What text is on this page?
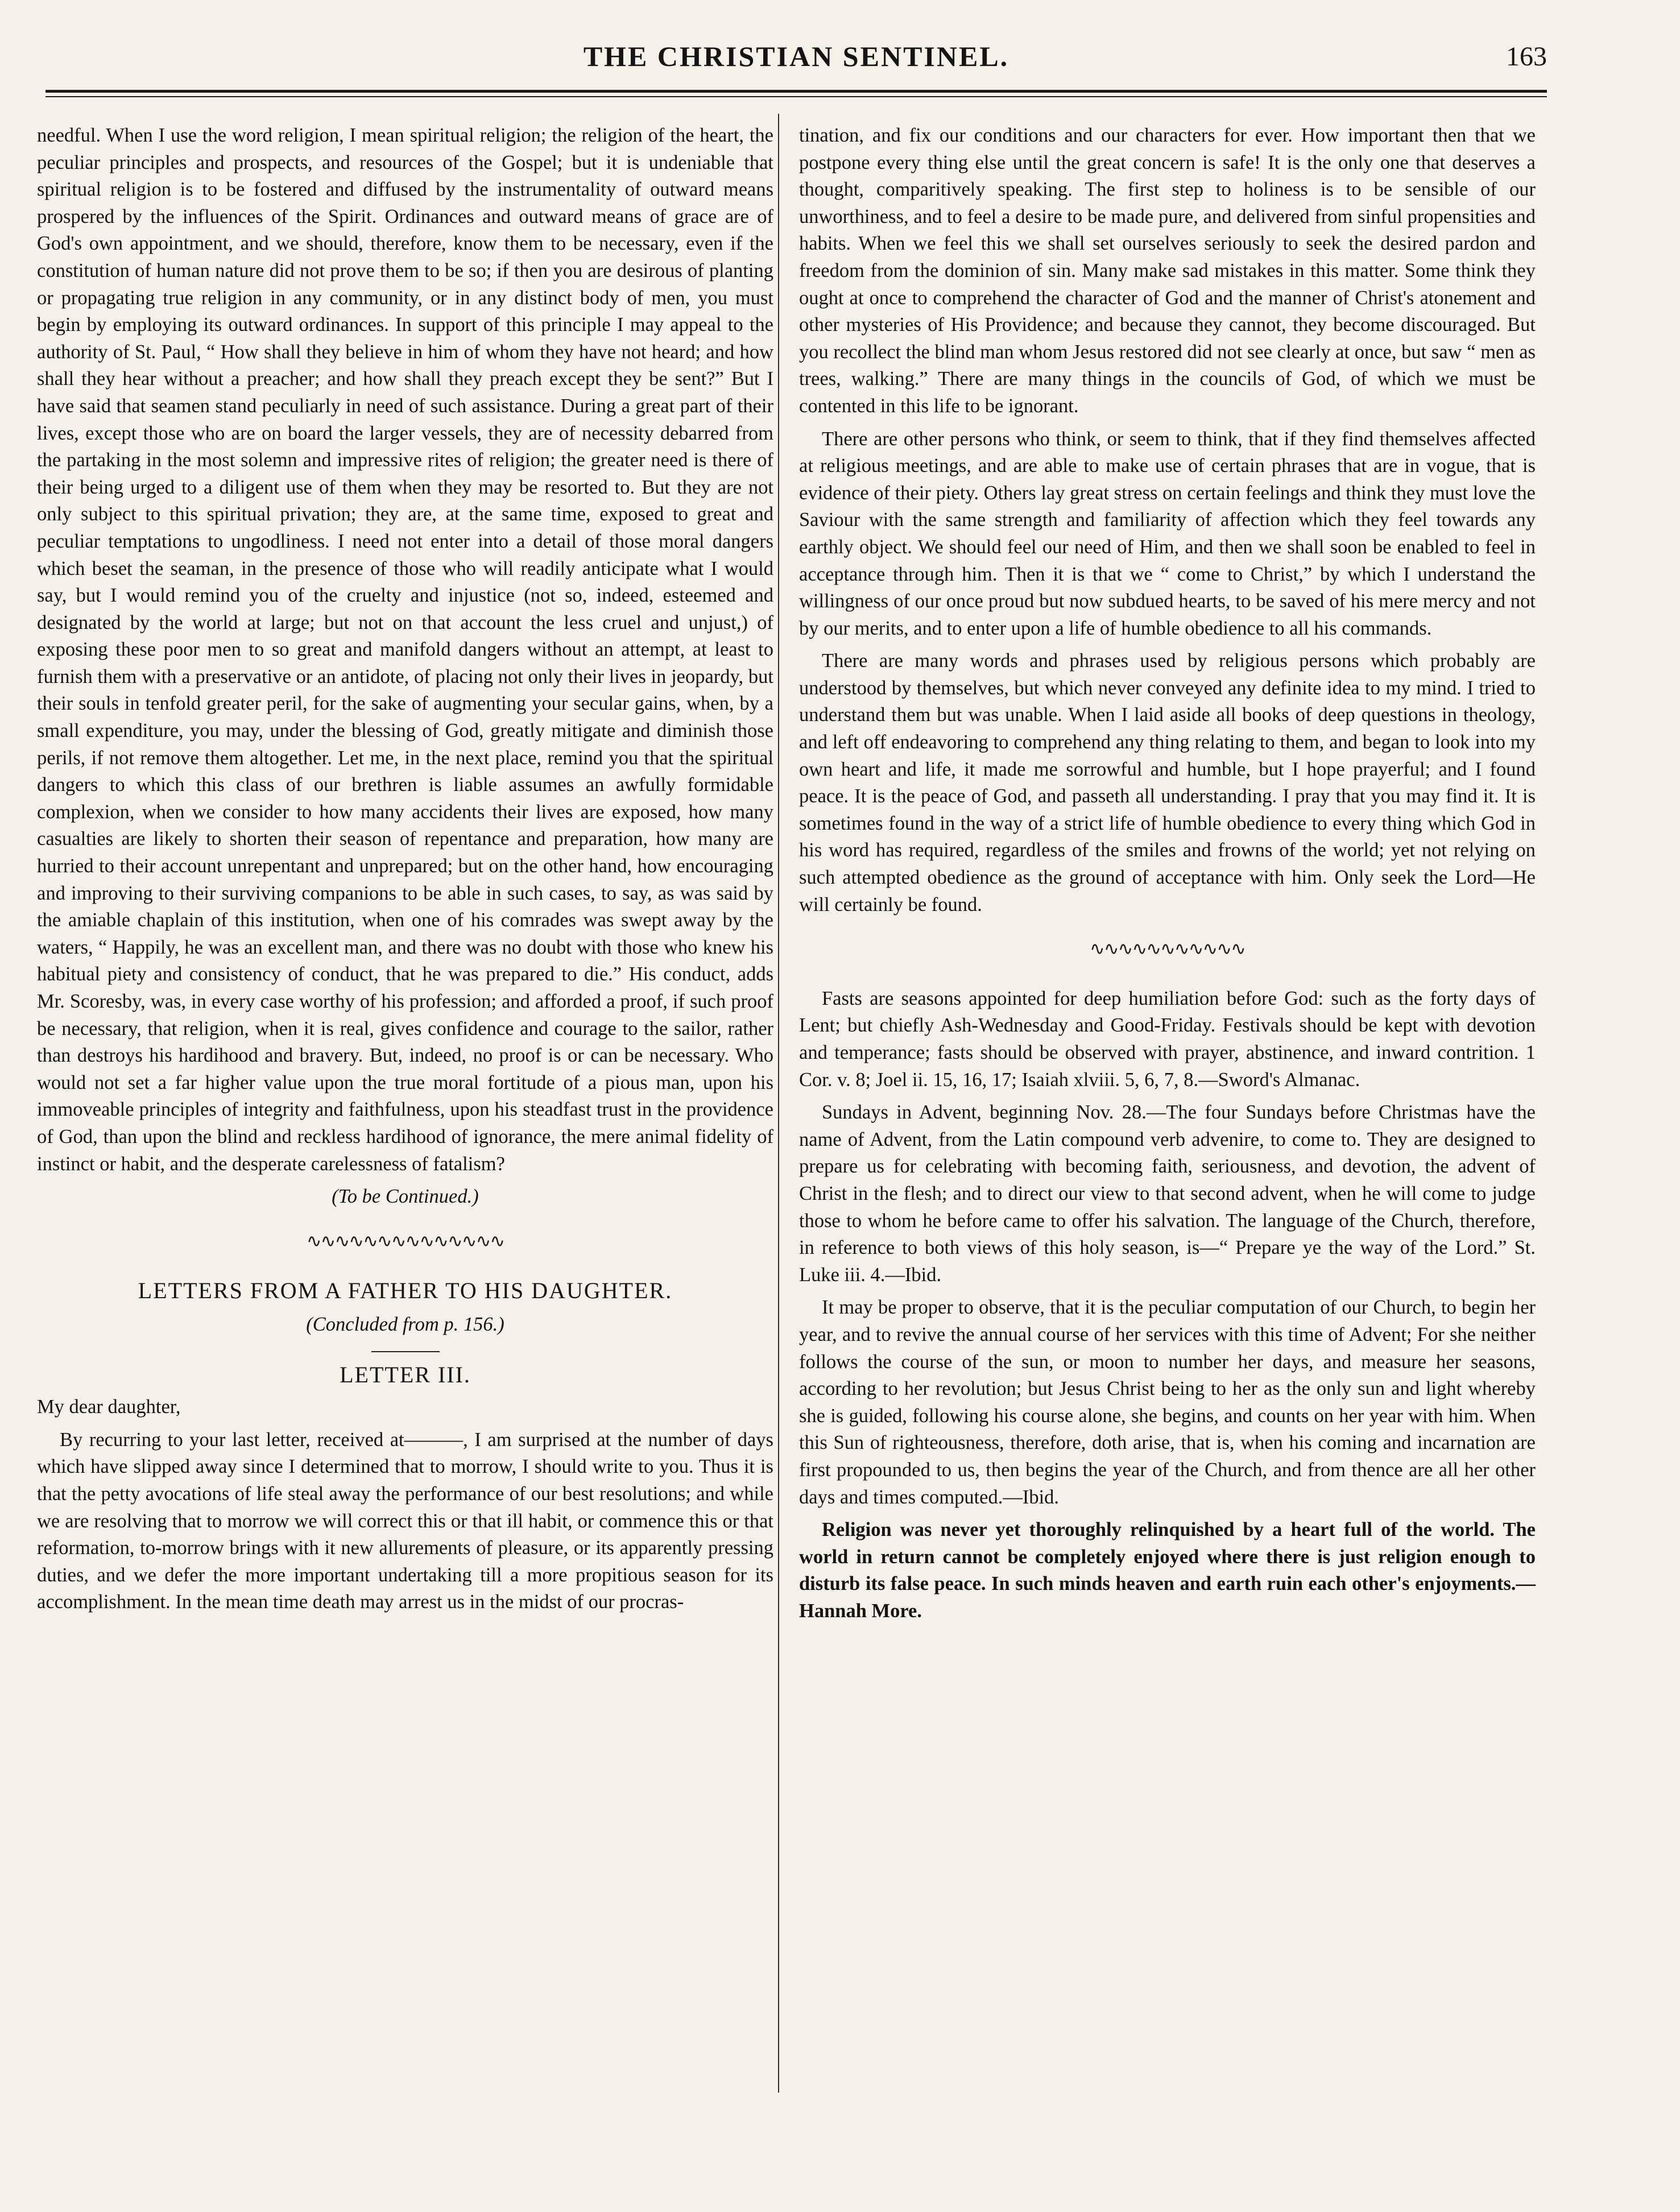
THE CHRISTIAN SENTINEL.	163

needful. When I use the word religion, I mean spiritual religion; the religion of the heart, the peculiar principles and prospects, and resources of the Gospel; but it is undeniable that spiritual religion is to be fostered and diffused by the instrumentality of outward means prospered by the influences of the Spirit. Ordinances and outward means of grace are of God's own appointment, and we should, therefore, know them to be necessary, even if the constitution of human nature did not prove them to be so; if then you are desirous of planting or propagating true religion in any community, or in any distinct body of men, you must begin by employing its outward ordinances. In support of this principle I may appeal to the authority of St. Paul, “ How shall they believe in him of whom they have not heard; and how shall they hear without a preacher; and how shall they preach except they be sent?” But I have said that seamen stand peculiarly in need of such assistance. During a great part of their lives, except those who are on board the larger vessels, they are of necessity debarred from the partaking in the most solemn and impressive rites of religion; the greater need is there of their being urged to a diligent use of them when they may be resorted to. But they are not only subject to this spiritual privation; they are, at the same time, exposed to great and peculiar temptations to ungodliness. I need not enter into a detail of those moral dangers which beset the seaman, in the presence of those who will readily anticipate what I would say, but I would remind you of the cruelty and injustice (not so, indeed, esteemed and designated by the world at large; but not on that account the less cruel and unjust,) of exposing these poor men to so great and manifold dangers without an attempt, at least to furnish them with a preservative or an antidote, of placing not only their lives in jeopardy, but their souls in tenfold greater peril, for the sake of augmenting your secular gains, when, by a small expenditure, you may, under the blessing of God, greatly mitigate and diminish those perils, if not remove them altogether. Let me, in the next place, remind you that the spiritual dangers to which this class of our brethren is liable assumes an awfully formidable complexion, when we consider to how many accidents their lives are exposed, how many casualties are likely to shorten their season of repentance and preparation, how many are hurried to their account unrepentant and unprepared; but on the other hand, how encouraging and improving to their surviving companions to be able in such cases, to say, as was said by the amiable chaplain of this institution, when one of his comrades was swept away by the waters, “ Happily, he was an excellent man, and there was no doubt with those who knew his habitual piety and consistency of conduct, that he was prepared to die.” His conduct, adds Mr. Scoresby, was, in every case worthy of his profession; and afforded a proof, if such proof be necessary, that religion, when it is real, gives confidence and courage to the sailor, rather than destroys his hardihood and bravery. But, indeed, no proof is or can be necessary. Who would not set a far higher value upon the true moral fortitude of a pious man, upon his immoveable principles of integrity and faithfulness, upon his steadfast trust in the providence of God, than upon the blind and reckless hardihood of ignorance, the mere animal fidelity of instinct or habit, and the desperate carelessness of fatalism?

(To be Continued.)

∿∿∿∿∿∿∿∿∿∿∿∿∿∿
LETTERS FROM A FATHER TO HIS DAUGHTER.
(Concluded from p. 156.)
LETTER III.

My dear daughter,

By recurring to your last letter, received at———, I am surprised at the number of days which have slipped away since I determined that to morrow, I should write to you. Thus it is that the petty avocations of life steal away the performance of our best resolutions; and while we are resolving that to morrow we will correct this or that ill habit, or commence this or that reformation, to-morrow brings with it new allurements of pleasure, or its apparently pressing duties, and we defer the more important undertaking till a more propitious season for its accomplishment. In the mean time death may arrest us in the midst of our procras-

tination, and fix our conditions and our characters for ever. How important then that we postpone every thing else until the great concern is safe! It is the only one that deserves a thought, comparitively speaking. The first step to holiness is to be sensible of our unworthiness, and to feel a desire to be made pure, and delivered from sinful propensities and habits. When we feel this we shall set ourselves seriously to seek the desired pardon and freedom from the dominion of sin. Many make sad mistakes in this matter. Some think they ought at once to comprehend the character of God and the manner of Christ's atonement and other mysteries of His Providence; and because they cannot, they become discouraged. But you recollect the blind man whom Jesus restored did not see clearly at once, but saw “ men as trees, walking.” There are many things in the councils of God, of which we must be contented in this life to be ignorant.

There are other persons who think, or seem to think, that if they find themselves affected at religious meetings, and are able to make use of certain phrases that are in vogue, that is evidence of their piety. Others lay great stress on certain feelings and think they must love the Saviour with the same strength and familiarity of affection which they feel towards any earthly object. We should feel our need of Him, and then we shall soon be enabled to feel in acceptance through him. Then it is that we “ come to Christ,” by which I understand the willingness of our once proud but now subdued hearts, to be saved of his mere mercy and not by our merits, and to enter upon a life of humble obedience to all his commands.

There are many words and phrases used by religious persons which probably are understood by themselves, but which never conveyed any definite idea to my mind. I tried to understand them but was unable. When I laid aside all books of deep questions in theology, and left off endeavoring to comprehend any thing relating to them, and began to look into my own heart and life, it made me sorrowful and humble, but I hope prayerful; and I found peace. It is the peace of God, and passeth all understanding. I pray that you may find it. It is sometimes found in the way of a strict life of humble obedience to every thing which God in his word has required, regardless of the smiles and frowns of the world; yet not relying on such attempted obedience as the ground of acceptance with him. Only seek the Lord—He will certainly be found.

∿∿∿∿∿∿∿∿∿∿∿

Fasts are seasons appointed for deep humiliation before God: such as the forty days of Lent; but chiefly Ash-Wednesday and Good-Friday. Festivals should be kept with devotion and temperance; fasts should be observed with prayer, abstinence, and inward contrition. 1 Cor. v. 8; Joel ii. 15, 16, 17; Isaiah xlviii. 5, 6, 7, 8.—Sword's Almanac.

Sundays in Advent, beginning Nov. 28.—The four Sundays before Christmas have the name of Advent, from the Latin compound verb advenire, to come to. They are designed to prepare us for celebrating with becoming faith, seriousness, and devotion, the advent of Christ in the flesh; and to direct our view to that second advent, when he will come to judge those to whom he before came to offer his salvation. The language of the Church, therefore, in reference to both views of this holy season, is—“ Prepare ye the way of the Lord.” St. Luke iii. 4.—Ibid.

It may be proper to observe, that it is the peculiar computation of our Church, to begin her year, and to revive the annual course of her services with this time of Advent; For she neither follows the course of the sun, or moon to number her days, and measure her seasons, according to her revolution; but Jesus Christ being to her as the only sun and light whereby she is guided, following his course alone, she begins, and counts on her year with him. When this Sun of righteousness, therefore, doth arise, that is, when his coming and incarnation are first propounded to us, then begins the year of the Church, and from thence are all her other days and times computed.—Ibid.

Religion was never yet thoroughly relinquished by a heart full of the world. The world in return cannot be completely enjoyed where there is just religion enough to disturb its false peace. In such minds heaven and earth ruin each other's enjoyments.—Hannah More.
